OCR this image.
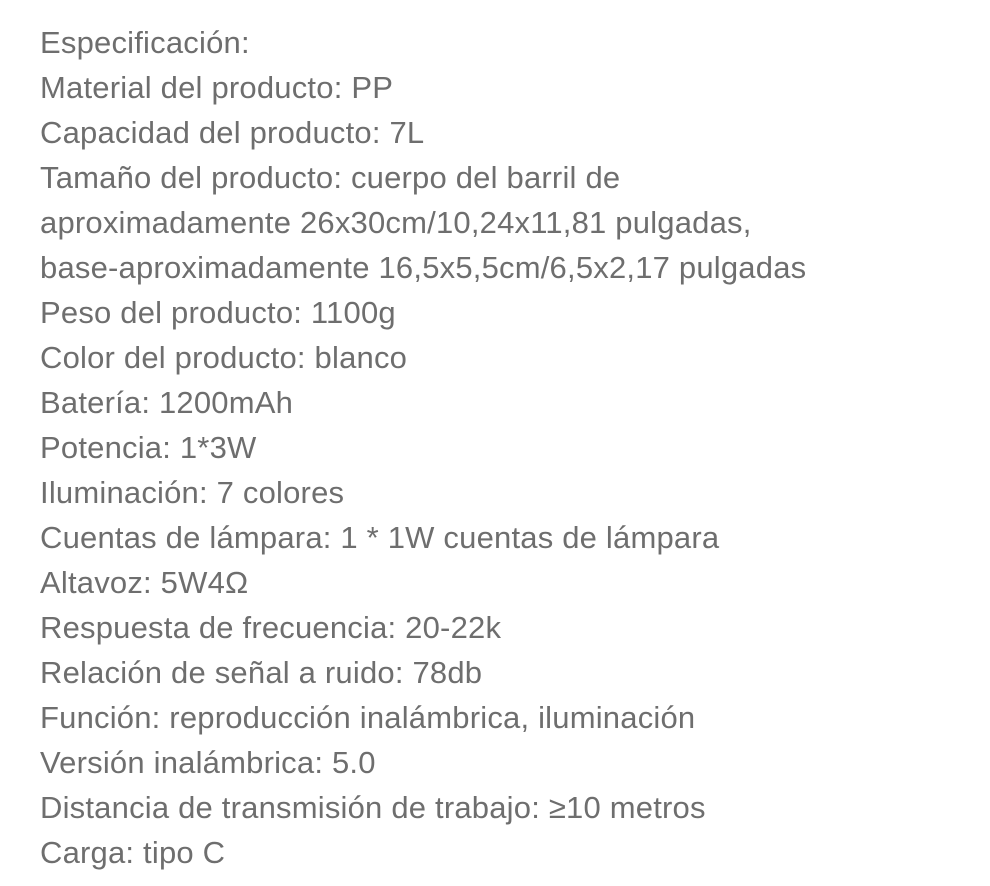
Especificación:
Material del producto: PP
Capacidad del producto: 7L
Tamaño del producto: cuerpo del barril de
aproximadamente 26x30cm/10,24x11,81 pulgadas,
base-aproximadamente 16,5x5,5cm/6,5x2,17 pulgadas
Peso del producto: 1100g
Color del producto: blanco
Batería: 1200mAh
Potencia: 1*3W
Iluminación: 7 colores
Cuentas de lámpara: 1 * 1W cuentas de lámpara
Altavoz: 5W4Ω
Respuesta de frecuencia: 20-22k
Relación de señal a ruido: 78db
Función: reproducción inalámbrica, iluminación
Versión inalámbrica: 5.0
Distancia de transmisión de trabajo: ≥10 metros
Carga: tipo C
